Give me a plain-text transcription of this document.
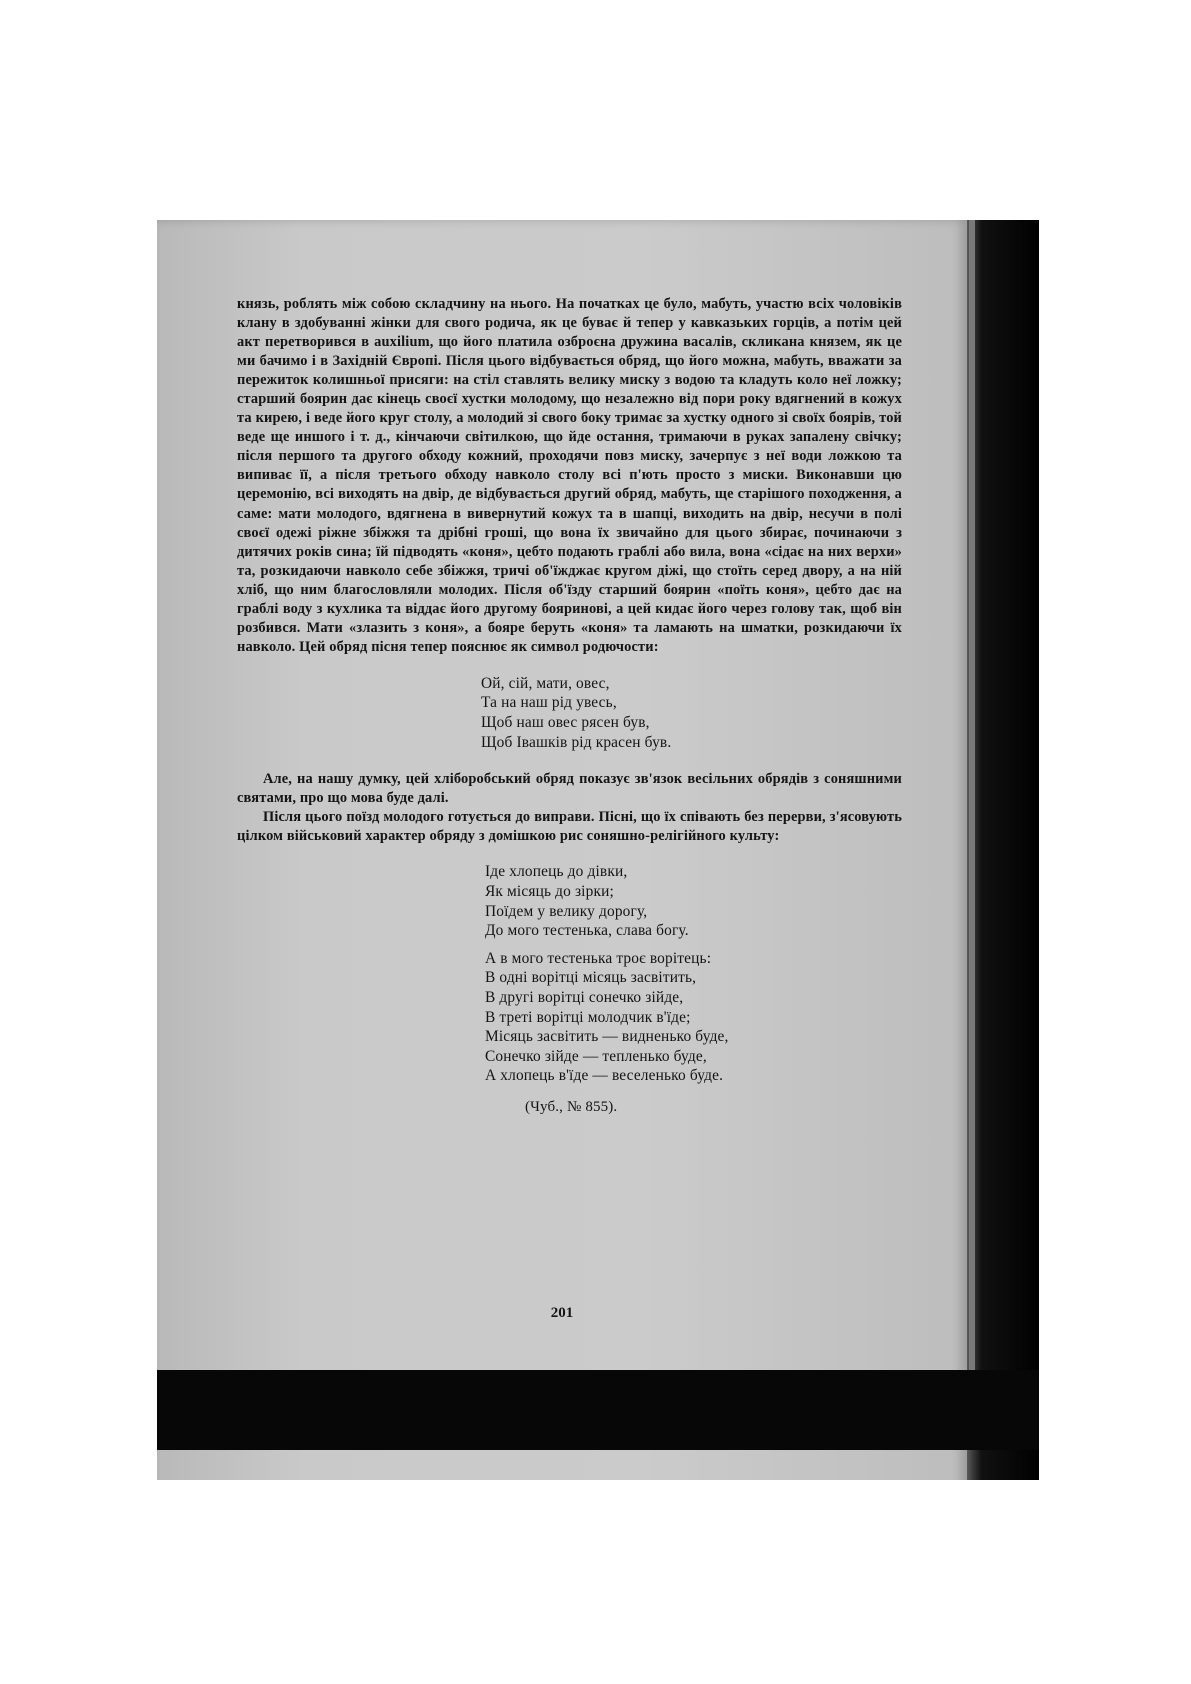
князь, роблять між собою складчину на нього. На початках це було, мабуть, участю всіх чоловіків клану в здобуванні жінки для свого родича, як це буває й тепер у кавказьких горців, а потім цей акт перетворився в auxilium, що його платила озброєна дружина васалів, скликана князем, як це ми бачимо і в Західній Європі. Після цього відбувається обряд, що його можна, мабуть, вважати за пережиток колишньої присяги: на стіл ставлять велику миску з водою та кладуть коло неї ложку; старший боярин дає кінець своєї хустки молодому, що незалежно від пори року вдягнений в кожух та кирею, і веде його круг столу, а молодий зі свого боку тримає за хустку одного зі своїх боярів, той веде ще иншого і т. д., кінчаючи світилкою, що йде остання, тримаючи в руках запалену свічку; після першого та другого обходу кожний, проходячи повз миску, зачерпує з неї води ложкою та випиває її, а після третього обходу навколо столу всі п'ють просто з миски. Виконавши цю церемонію, всі виходять на двір, де відбувається другий обряд, мабуть, ще старішого походження, а саме: мати молодого, вдягнена в вивернутий кожух та в шапці, виходить на двір, несучи в полі своєї одежі ріжне збіжжя та дрібні гроші, що вона їх звичайно для цього збирає, починаючи з дитячих років сина; їй підводять «коня», цебто подають граблі або вила, вона «сідає на них верхи» та, розкидаючи навколо себе збіжжя, тричі об'їжджає кругом діжі, що стоїть серед двору, а на ній хліб, що ним благословляли молодих. Після об'їзду старший боярин «поїть коня», цебто дає на граблі воду з кухлика та віддає його другому бояринові, а цей кидає його через голову так, щоб він розбився. Мати «злазить з коня», а бояре беруть «коня» та ламають на шматки, розкидаючи їх навколо. Цей обряд пісня тепер пояснює як символ родючости:

Ой, сій, мати, овес,
Та на наш рід увесь,
Щоб наш овес рясен був,
Щоб Івашків рід красен був.

Але, на нашу думку, цей хліборобський обряд показує зв'язок весільних обрядів з соняшними святами, про що мова буде далі.

Після цього поїзд молодого готується до виправи. Пісні, що їх співають без перерви, з'ясовують цілком військовий характер обряду з домішкою рис соняшно-релігійного культу:

Іде хлопець до дівки,
Як місяць до зірки;
Поїдем у велику дорогу,
До мого тестенька, слава богу.
А в мого тестенька троє ворітець:
В одні ворітці місяць засвітить,
В другі ворітці сонечко зійде,
В треті ворітці молодчик в'їде;
Місяць засвітить — видненько буде,
Сонечко зійде — тепленько буде,
А хлопець в'їде — веселенько буде.
(Чуб., № 855).
201
